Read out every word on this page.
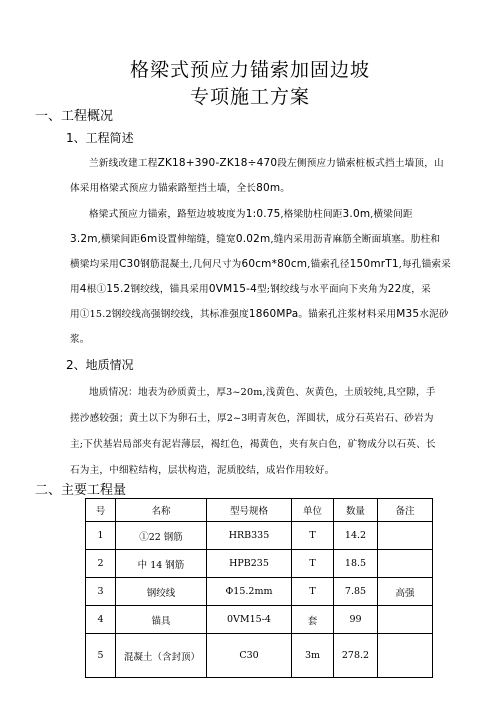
格梁式预应力锚索加固边坡
专项施工方案
一、工程概况
1、工程简述
兰新线改建工程ZK18+390-ZK18÷470段左侧预应力锚索桩板式挡土墙顶，山
体采用格梁式预应力锚索路堑挡土墙，全长80m。
格梁式预应力锚索，路堑边坡坡度为1:0.75,格梁肋柱间距3.0m,横梁间距
3.2m,横梁间距6m设置伸缩缝，缝宽0.02m,缝内采用沥青麻筋全断面填塞。肋柱和
横梁均采用C30钢筋混凝土,几何尺寸为60cm*80cm,锚索孔径150mrT1,每孔锚索采
用4根①15.2钢绞线，锚具采用0VM15-4型;钢绞线与水平面向下夹角为22度，采
用①15.2钢绞线高强钢绞线，其标准强度1860MPa。锚索孔注浆材料采用M35水泥砂
浆。
2、地质情况
地质情况：地表为砂质黄土，厚3~20m,浅黄色、灰黄色，土质较纯,具空隙，手
搓沙感较强；黄土以下为卵石土，厚2~3明青灰色，浑圆状，成分石英岩石、砂岩为
主;下伏基岩局部夹有泥岩薄层，褐红色，褐黄色，夹有灰白色，矿物成分以石英、长
石为主，中细粒结构，层状构造，泥质胶结，成岩作用较好。
二、主要工程量
号	名称	型号规格	单位	数量	备注
1	①22 钢筋	HRB335	T	14.2	
2	中 14 钢筋	HPB235	T	18.5	
3	钢绞线	Φ15.2mm	T	7.85	高强
4	锚具	0VM15-4	套	99	
5	混凝土（含封顶）	C30	3m	278.2	
